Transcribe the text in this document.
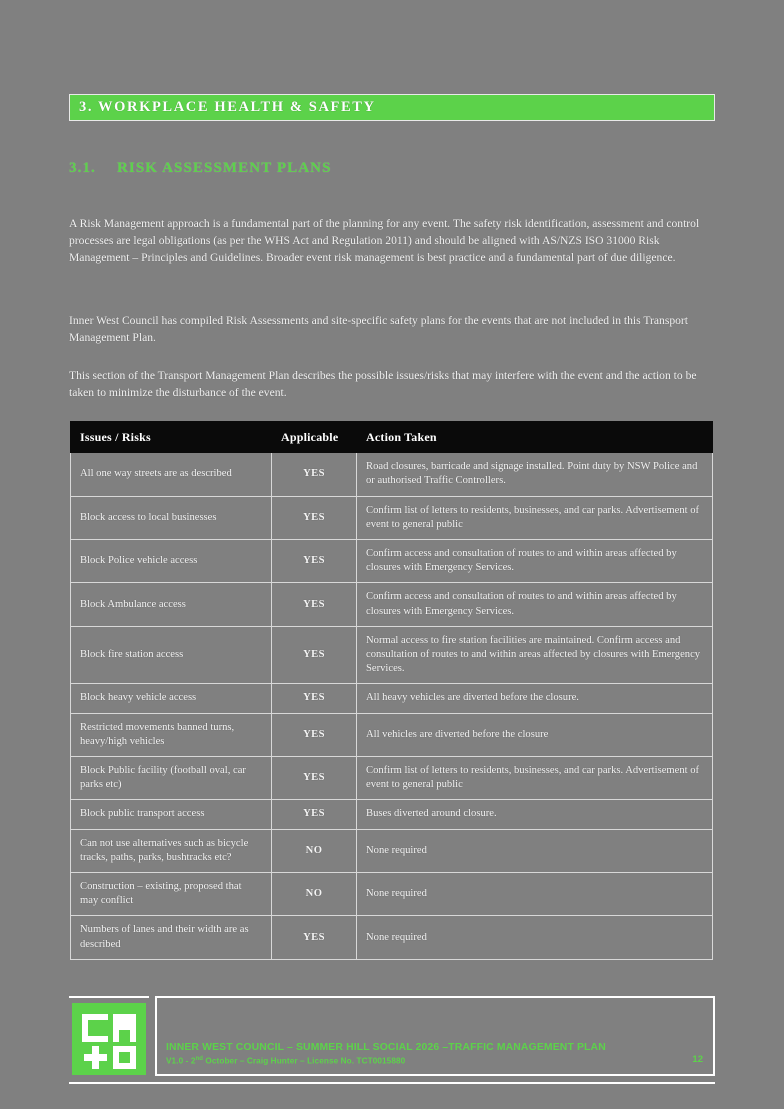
3. WORKPLACE HEALTH & SAFETY
3.1. RISK ASSESSMENT PLANS

A Risk Management approach is a fundamental part of the planning for any event. The safety risk identification, assessment and control processes are legal obligations (as per the WHS Act and Regulation 2011) and should be aligned with AS/NZS ISO 31000 Risk Management – Principles and Guidelines. Broader event risk management is best practice and a fundamental part of due diligence.

Inner West Council has compiled Risk Assessments and site-specific safety plans for the events that are not included in this Transport Management Plan.

This section of the Transport Management Plan describes the possible issues/risks that may interfere with the event and the action to be taken to minimize the disturbance of the event.

Issues / Risks	Applicable	Action Taken
All one way streets are as described	YES	Road closures, barricade and signage installed. Point duty by NSW Police and or authorised Traffic Controllers.
Block access to local businesses	YES	Confirm list of letters to residents, businesses, and car parks. Advertisement of event to general public
Block Police vehicle access	YES	Confirm access and consultation of routes to and within areas affected by closures with Emergency Services.
Block Ambulance access	YES	Confirm access and consultation of routes to and within areas affected by closures with Emergency Services.
Block fire station access	YES	Normal access to fire station facilities are maintained. Confirm access and consultation of routes to and within areas affected by closures with Emergency Services.
Block heavy vehicle access	YES	All heavy vehicles are diverted before the closure.
Restricted movements banned turns, heavy/high vehicles	YES	All vehicles are diverted before the closure
Block Public facility (football oval, car parks etc)	YES	Confirm list of letters to residents, businesses, and car parks. Advertisement of event to general public
Block public transport access	YES	Buses diverted around closure.
Can not use alternatives such as bicycle tracks, paths, parks, bushtracks etc?	NO	None required
Construction – existing, proposed that may conflict	NO	None required
Numbers of lanes and their width are as described	YES	None required
INNER WEST COUNCIL – SUMMER HILL SOCIAL 2026 –TRAFFIC MANAGEMENT PLAN
V1.0 - 2nd October – Craig Hunter – License No. TCT0015880	12
